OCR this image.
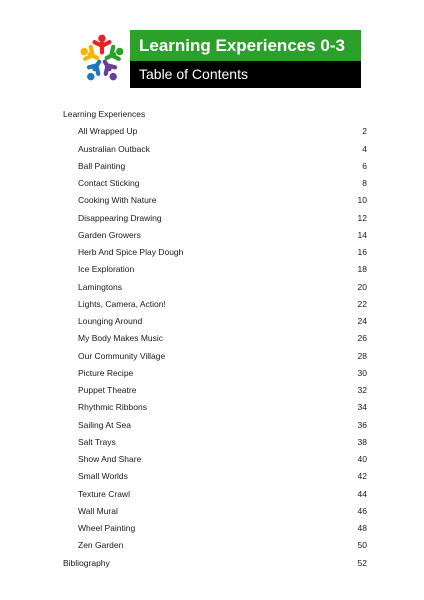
Learning Experiences 0-3
Table of Contents
Learning Experiences
All Wrapped Up	2
Australian Outback	4
Ball Painting	6
Contact Sticking	8
Cooking With Nature	10
Disappearing Drawing	12
Garden Growers	14
Herb And Spice Play Dough	16
Ice Exploration	18
Lamingtons	20
Lights, Camera, Action!	22
Lounging Around	24
My Body Makes Music	26
Our Community Village	28
Picture Recipe	30
Puppet Theatre	32
Rhythmic Ribbons	34
Sailing At Sea	36
Salt Trays	38
Show And Share	40
Small Worlds	42
Texture Crawl	44
Wall Mural	46
Wheel Painting	48
Zen Garden	50
Bibliography	52
